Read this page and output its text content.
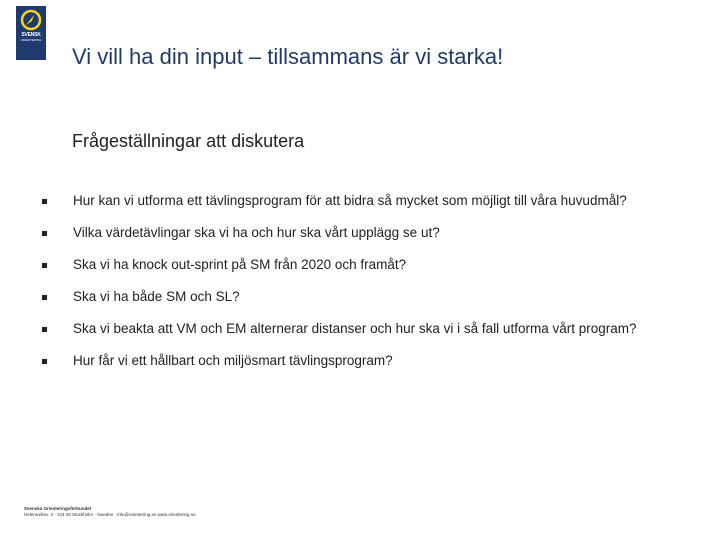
SVENSK
ORIENTERING
Vi vill ha din input – tillsammans är vi starka!
Frågeställningar att diskutera
Hur kan vi utforma ett tävlingsprogram för att bidra så mycket som möjligt till våra huvudmål?
Vilka värdetävlingar ska vi ha och hur ska vårt upplägg se ut?
Ska vi ha knock out-sprint på SM från 2020 och framåt?
Ska vi ha både SM och SL?
Ska vi beakta att VM och EM alternerar distanser och hur ska vi i så fall utforma vårt program?
Hur får vi ett hållbart och miljösmart tävlingsprogram?
Svenska Orienteringsförbundet
Heleneviksv. 3 · 123 30 Stockholm · Sweden · info@orientering.se www.orientering.se
